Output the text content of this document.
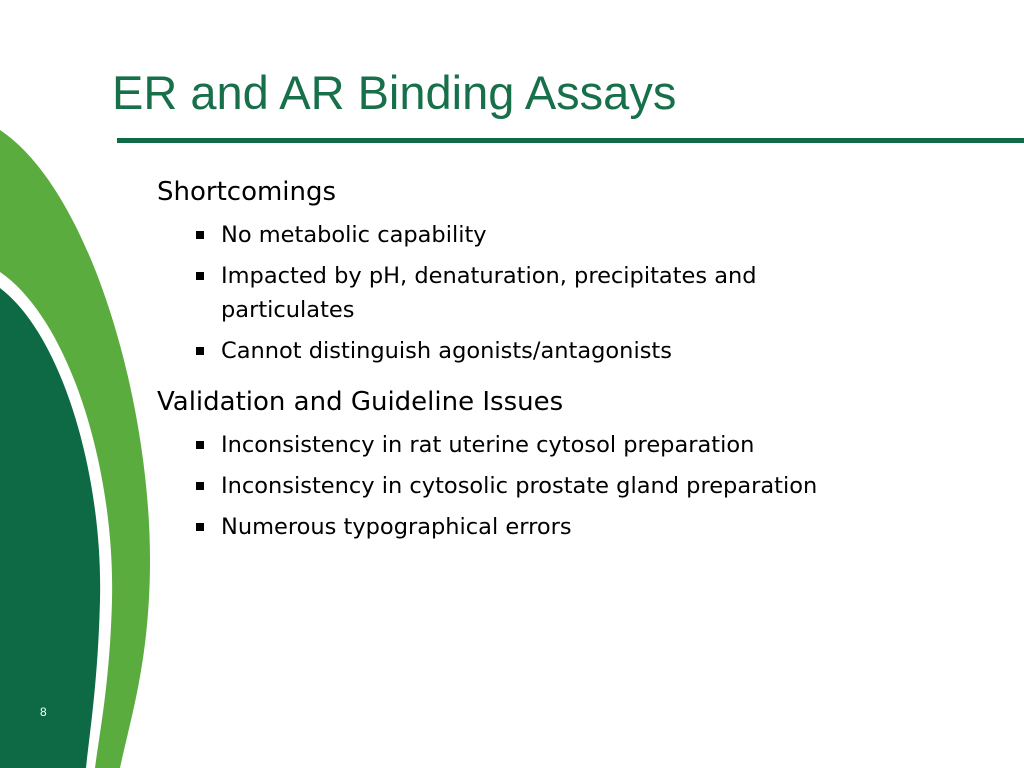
ER and AR Binding Assays

Shortcomings

No metabolic capability
Impacted by pH, denaturation, precipitates and particulates
Cannot distinguish agonists/antagonists

Validation and Guideline Issues

Inconsistency in rat uterine cytosol preparation
Inconsistency in cytosolic prostate gland preparation
Numerous typographical errors
8
